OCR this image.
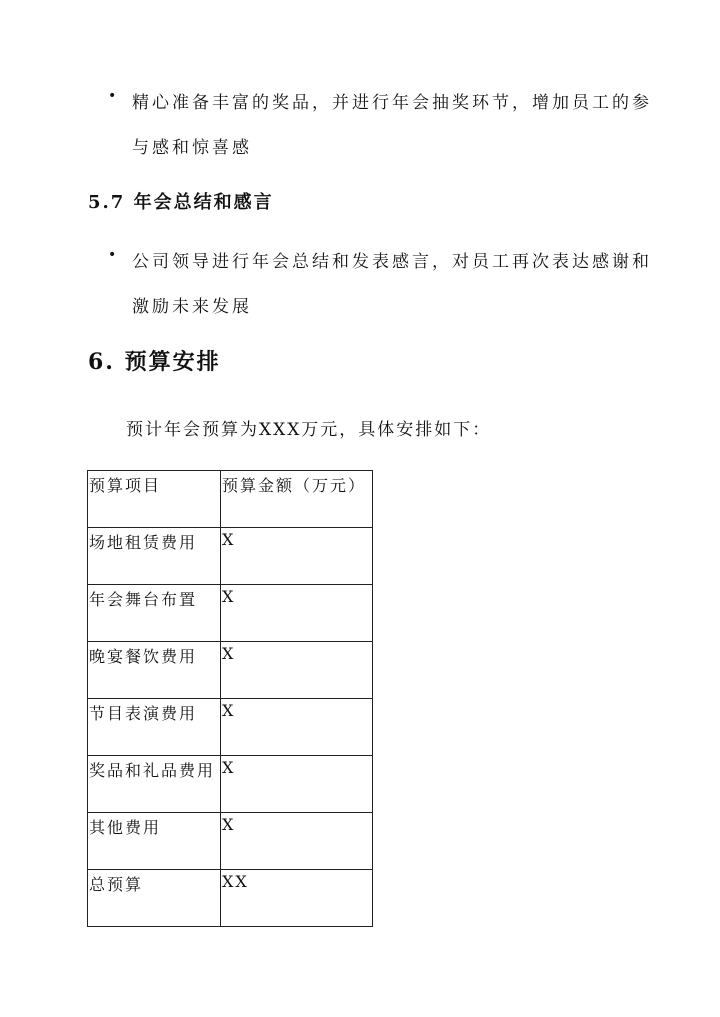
• 精心准备丰富的奖品，并进行年会抽奖环节，增加员工的参
与感和惊喜感
5.7 年会总结和感言
• 公司领导进行年会总结和发表感言，对员工再次表达感谢和
激励未来发展
6. 预算安排
预计年会预算为XXX万元，具体安排如下：
预算项目	预算金额（万元）
场地租赁费用	X
年会舞台布置	X
晚宴餐饮费用	X
节目表演费用	X
奖品和礼品费用	X
其他费用	X
总预算	XX
